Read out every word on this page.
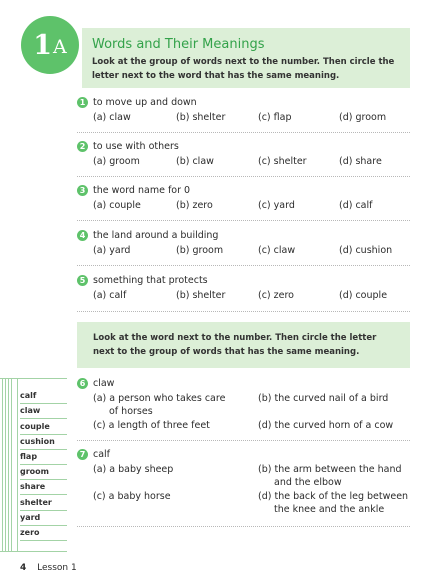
1 A Words and Their Meanings
Look at the group of words next to the number. Then circle the letter next to the word that has the same meaning.
1 to move up and down
(a) claw	(b) shelter	(c) flap	(d) groom
2 to use with others
(a) groom	(b) claw	(c) shelter	(d) share
3 the word name for 0
(a) couple	(b) zero	(c) yard	(d) calf
4 the land around a building
(a) yard	(b) groom	(c) claw	(d) cushion
5 something that protects
(a) calf	(b) shelter	(c) zero	(d) couple
Look at the word next to the number. Then circle the letter next to the group of words that has the same meaning.
6 claw
(a) a person who takes care
of horses
(b) the curved nail of a bird
(c) a length of three feet	(d) the curved horn of a cow
7 calf
(a) a baby sheep	(b) the arm between the hand
and the elbow
(c) a baby horse	(d) the back of the leg between
the knee and the ankle
calf
claw
couple
cushion
flap
groom
share
shelter
yard
zero
4 Lesson 1
